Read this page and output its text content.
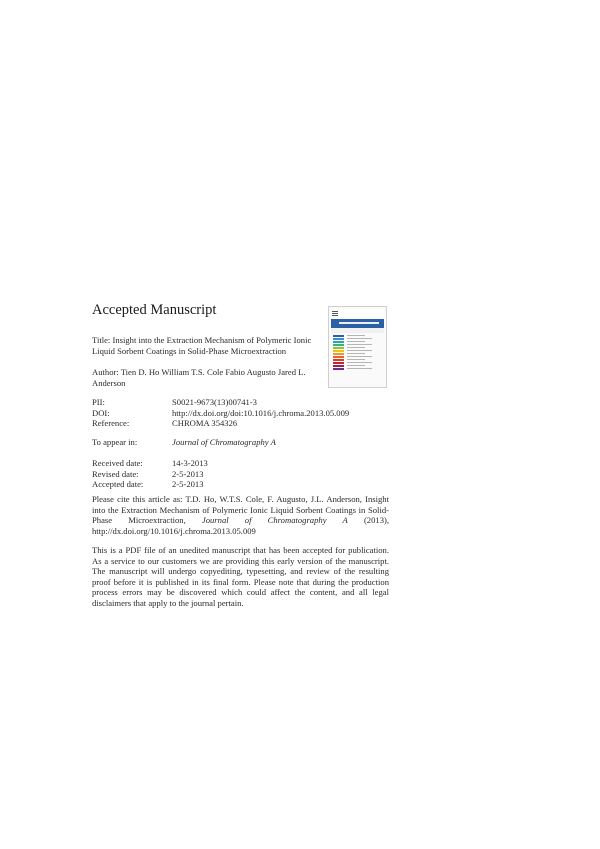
Accepted Manuscript
Title: Insight into the Extraction Mechanism of Polymeric Ionic Liquid Sorbent Coatings in Solid-Phase Microextraction
Author: Tien D. Ho William T.S. Cole Fabio Augusto Jared L. Anderson
PII:	S0021-9673(13)00741-3
DOI:	http://dx.doi.org/doi:10.1016/j.chroma.2013.05.009
Reference:	CHROMA 354326
To appear in:	Journal of Chromatography A
Received date:	14-3-2013
Revised date:	2-5-2013
Accepted date:	2-5-2013
Please cite this article as: T.D. Ho, W.T.S. Cole, F. Augusto, J.L. Anderson, Insight into the Extraction Mechanism of Polymeric Ionic Liquid Sorbent Coatings in Solid-Phase Microextraction, Journal of Chromatography A (2013), http://dx.doi.org/10.1016/j.chroma.2013.05.009
This is a PDF file of an unedited manuscript that has been accepted for publication. As a service to our customers we are providing this early version of the manuscript. The manuscript will undergo copyediting, typesetting, and review of the resulting proof before it is published in its final form. Please note that during the production process errors may be discovered which could affect the content, and all legal disclaimers that apply to the journal pertain.
